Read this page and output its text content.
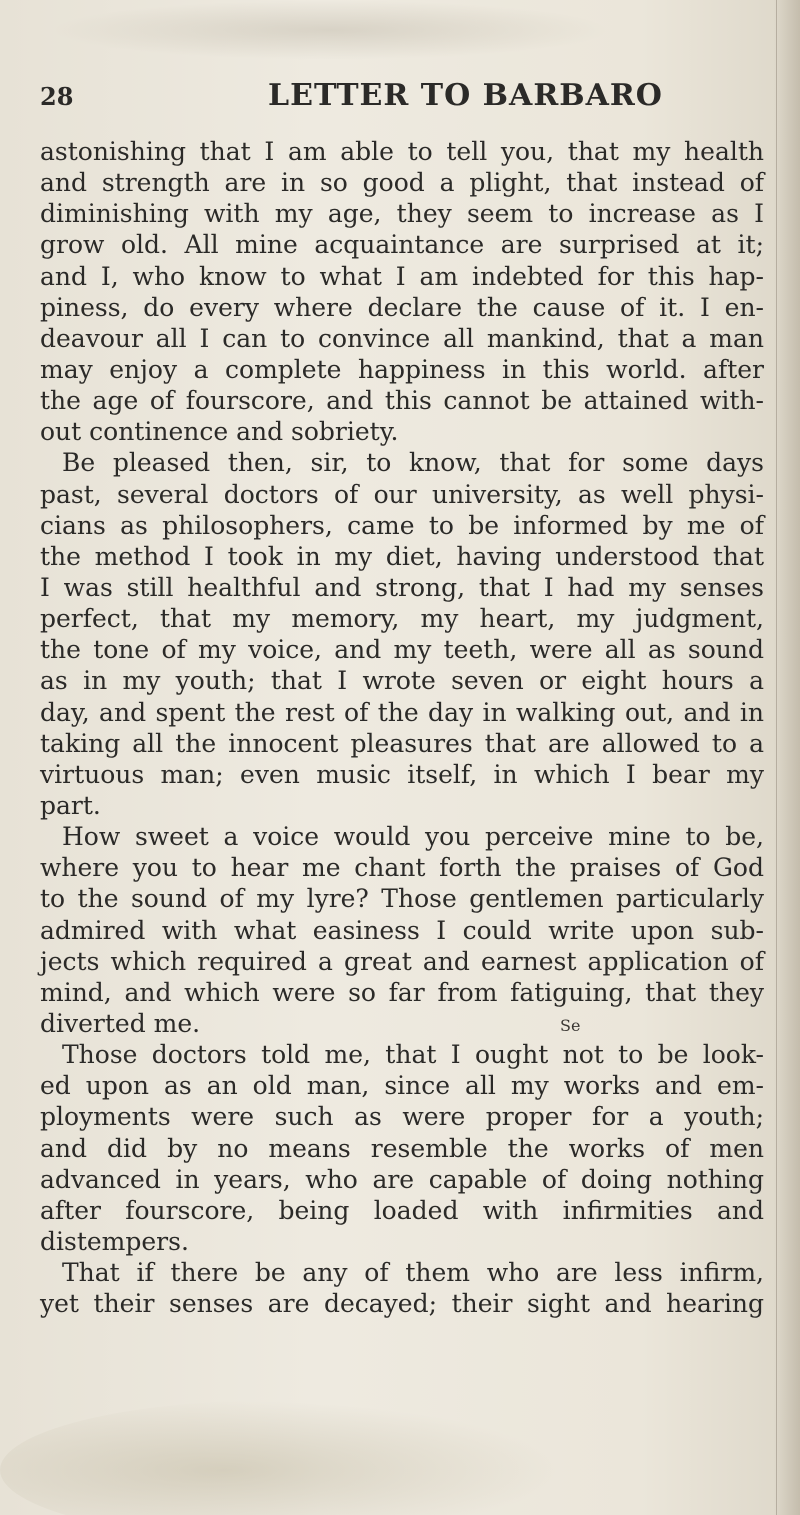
28	LETTER TO BARBARO
astonishing that I am able to tell you, that my health
and strength are in so good a plight, that instead of
diminishing with my age, they seem to increase as I
grow old. All mine acquaintance are surprised at it;
and I, who know to what I am indebted for this hap-
piness, do every where declare the cause of it. I en-
deavour all I can to convince all mankind, that a man
may enjoy a complete happiness in this world. after
the age of fourscore, and this cannot be attained with-
out continence and sobriety.
Be pleased then, sir, to know, that for some days
past, several doctors of our university, as well physi-
cians as philosophers, came to be informed by me of
the method I took in my diet, having understood that
I was still healthful and strong, that I had my senses
perfect, that my memory, my heart, my judgment,
the tone of my voice, and my teeth, were all as sound
as in my youth; that I wrote seven or eight hours a
day, and spent the rest of the day in walking out, and in
taking all the innocent pleasures that are allowed to a
virtuous man; even music itself, in which I bear my
part.
How sweet a voice would you perceive mine to be,
where you to hear me chant forth the praises of God
to the sound of my lyre? Those gentlemen particularly
admired with what easiness I could write upon sub-
jects which required a great and earnest application of
mind, and which were so far from fatiguing, that they
diverted me.
Those doctors told me, that I ought not to be look-
ed upon as an old man, since all my works and em-
ployments were such as were proper for a youth;
and did by no means resemble the works of men
advanced in years, who are capable of doing nothing
after fourscore, being loaded with infirmities and
distempers.
That if there be any of them who are less infirm,
yet their senses are decayed; their sight and hearing
Se
